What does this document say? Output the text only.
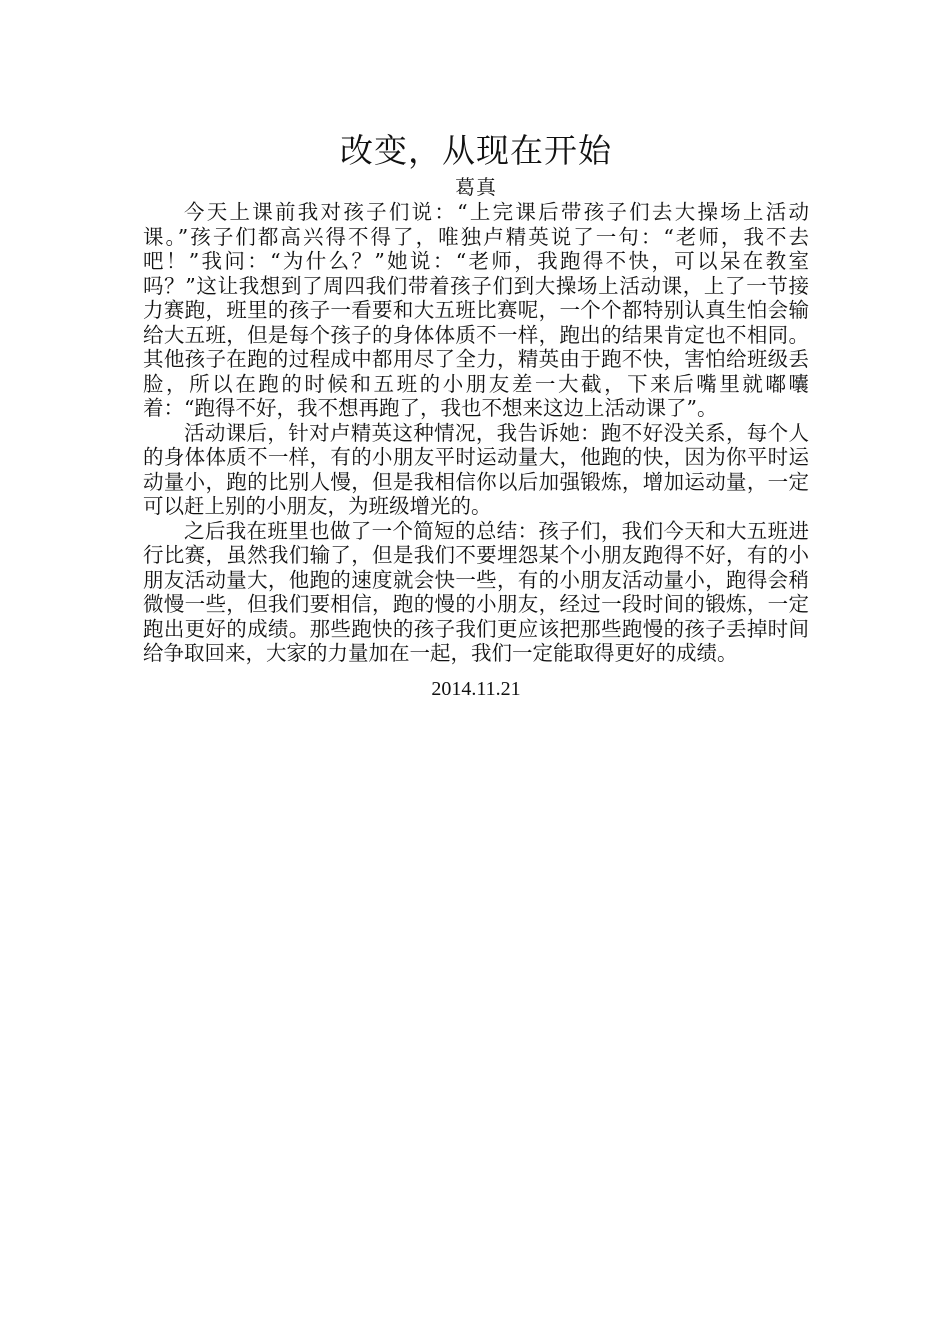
改变，从现在开始

葛真

今天上课前我对孩子们说：“上完课后带孩子们去大操场上活动课。”孩子们都高兴得不得了，唯独卢精英说了一句：“老师，我不去吧！”我问：“为什么？”她说：“老师，我跑得不快，可以呆在教室吗？”这让我想到了周四我们带着孩子们到大操场上活动课，上了一节接力赛跑，班里的孩子一看要和大五班比赛呢，一个个都特别认真生怕会输给大五班，但是每个孩子的身体体质不一样，跑出的结果肯定也不相同。其他孩子在跑的过程成中都用尽了全力，精英由于跑不快，害怕给班级丢脸，所以在跑的时候和五班的小朋友差一大截，下来后嘴里就嘟囔着：“跑得不好，我不想再跑了，我也不想来这边上活动课了”。

活动课后，针对卢精英这种情况，我告诉她：跑不好没关系，每个人的身体体质不一样，有的小朋友平时运动量大，他跑的快，因为你平时运动量小，跑的比别人慢，但是我相信你以后加强锻炼，增加运动量，一定可以赶上别的小朋友，为班级增光的。

之后我在班里也做了一个简短的总结：孩子们，我们今天和大五班进行比赛，虽然我们输了，但是我们不要埋怨某个小朋友跑得不好，有的小朋友活动量大，他跑的速度就会快一些，有的小朋友活动量小，跑得会稍微慢一些，但我们要相信，跑的慢的小朋友，经过一段时间的锻炼，一定跑出更好的成绩。那些跑快的孩子我们更应该把那些跑慢的孩子丢掉时间给争取回来，大家的力量加在一起，我们一定能取得更好的成绩。

2014.11.21
